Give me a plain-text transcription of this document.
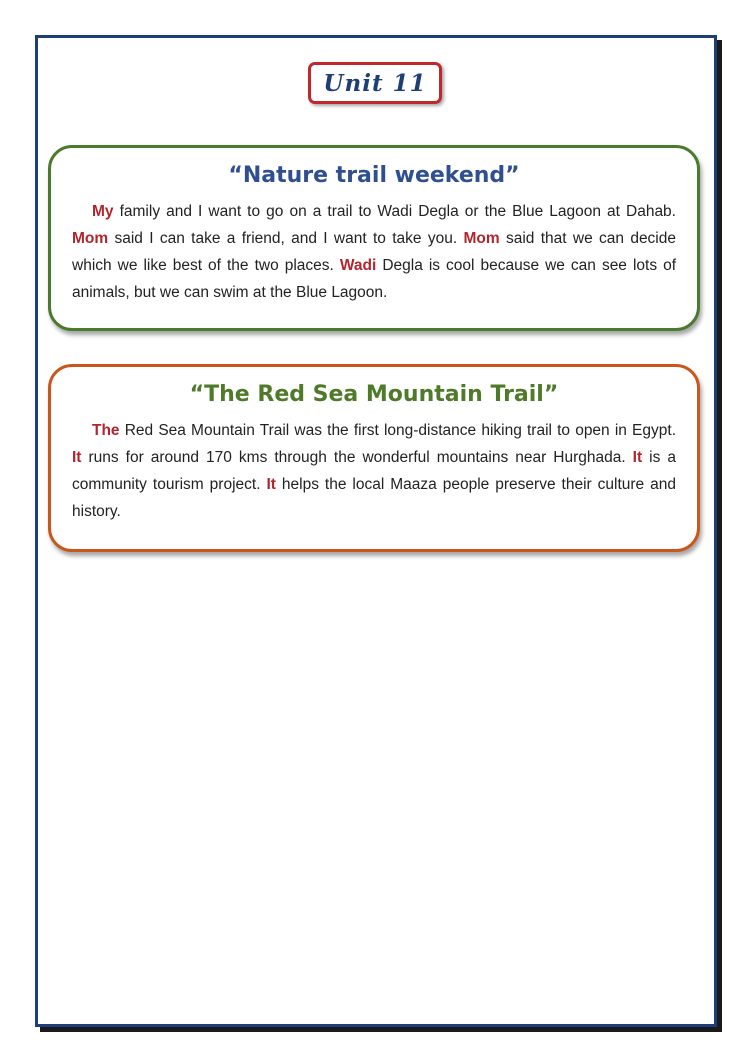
Unit 11
“Nature trail weekend”

My family and I want to go on a trail to Wadi Degla or the Blue Lagoon at Dahab. Mom said I can take a friend, and I want to take you. Mom said that we can decide which we like best of the two places. Wadi Degla is cool because we can see lots of animals, but we can swim at the Blue Lagoon.

“The Red Sea Mountain Trail”

The Red Sea Mountain Trail was the first long-distance hiking trail to open in Egypt. It runs for around 170 kms through the wonderful mountains near Hurghada. It is a community tourism project. It helps the local Maaza people preserve their culture and history.
